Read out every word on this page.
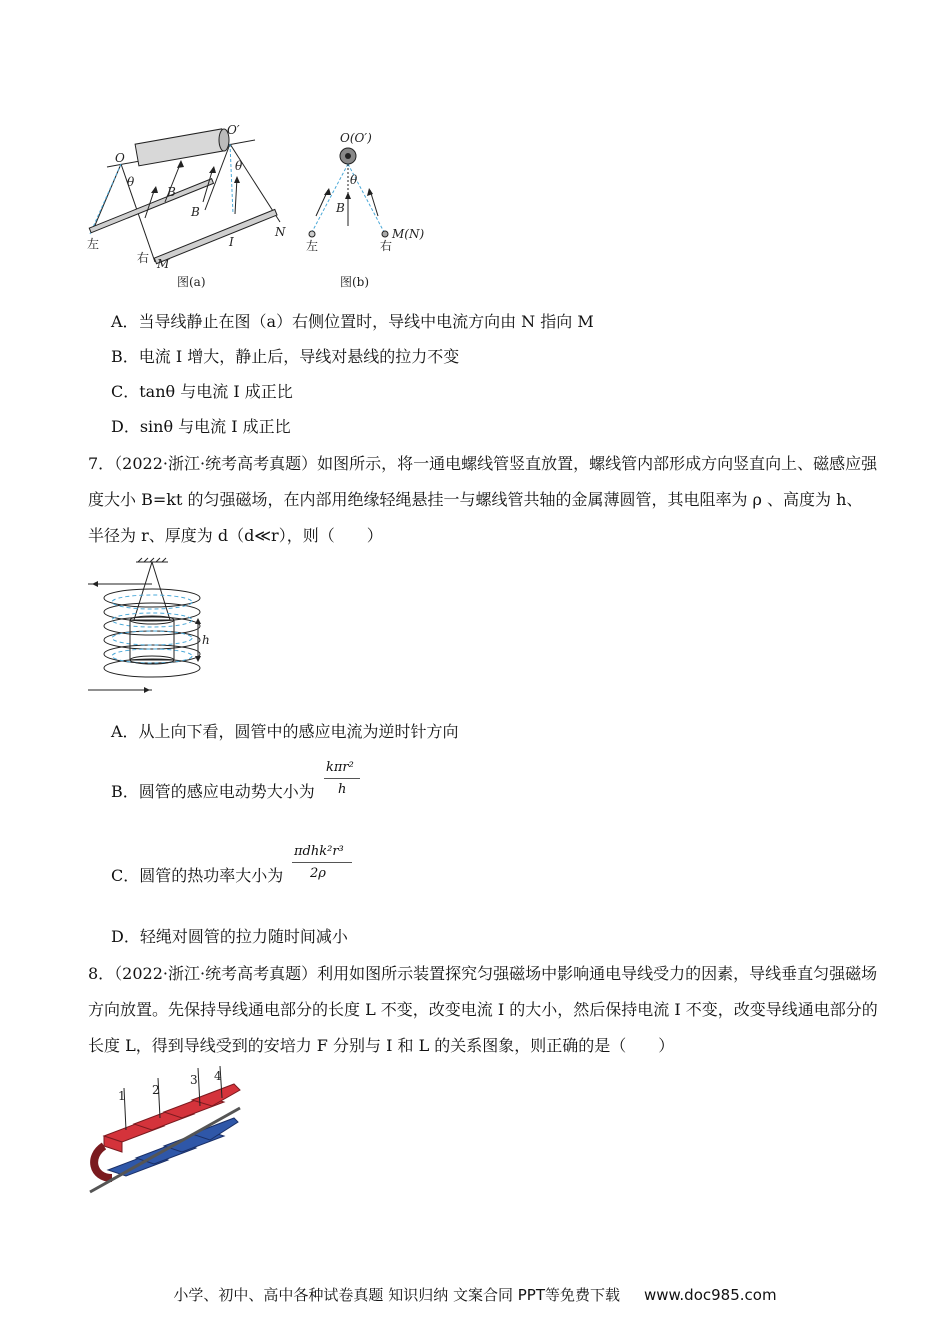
O
O′
θ
θ
B
B
左
右 M
N
I
图(a)
O(O′)
θ
B
左	右
M(N)
图(b)
A．当导线静止在图（a）右侧位置时，导线中电流方向由 N 指向 M
B．电流 I 增大，静止后，导线对悬线的拉力不变
C．tanθ 与电流 I 成正比
D．sinθ 与电流 I 成正比
7．（2022·浙江·统考高考真题）如图所示，将一通电螺线管竖直放置，螺线管内部形成方向竖直向上、磁感应强度大小 B=kt 的匀强磁场，在内部用绝缘轻绳悬挂一与螺线管共轴的金属薄圆管，其电阻率为 ρ 、高度为 h、半径为 r、厚度为 d（d≪r），则（　　）
h
A．从上向下看，圆管中的感应电流为逆时针方向
B．圆管的感应电动势大小为
kπr²
h
C．圆管的热功率大小为
πdhk²r³
2ρ
D．轻绳对圆管的拉力随时间减小
8．（2022·浙江·统考高考真题）利用如图所示装置探究匀强磁场中影响通电导线受力的因素，导线垂直匀强磁场方向放置。先保持导线通电部分的长度 L 不变，改变电流 I 的大小，然后保持电流 I 不变，改变导线通电部分的长度 L，得到导线受到的安培力 F 分别与 I 和 L 的关系图象，则正确的是（　　）
1 2
3 4
小学、初中、高中各种试卷真题 知识归纳 文案合同 PPT等免费下载 www.doc985.com
